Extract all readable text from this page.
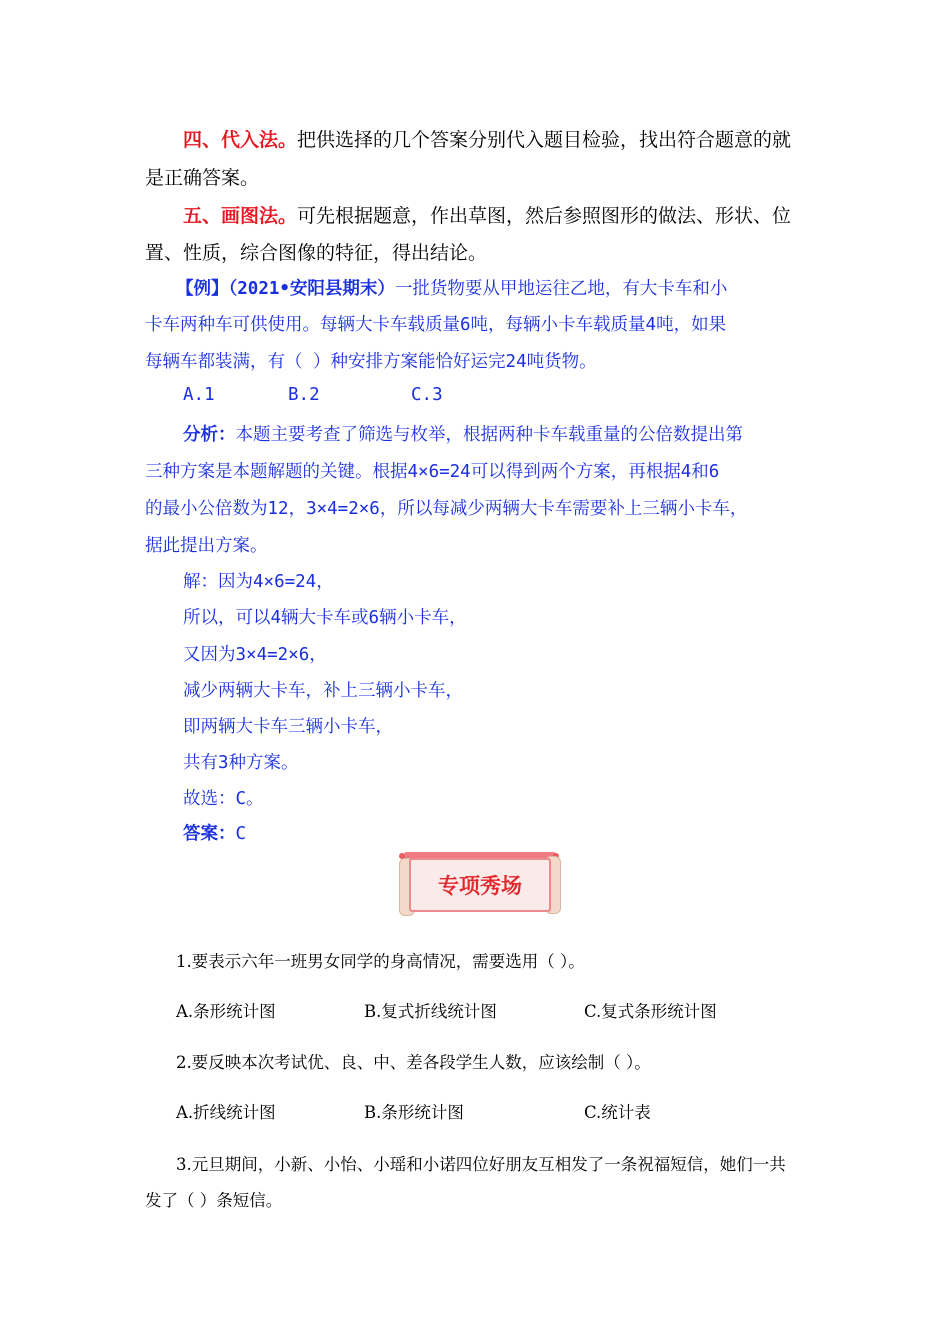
四、代入法。把供选择的几个答案分别代入题目检验，找出符合题意的就
是正确答案。
五、画图法。可先根据题意，作出草图，然后参照图形的做法、形状、位
置、性质，综合图像的特征，得出结论。
【例】（2021•安阳县期末）一批货物要从甲地运往乙地，有大卡车和小
卡车两种车可供使用。每辆大卡车载质量6吨，每辆小卡车载质量4吨，如果
每辆车都装满，有（ ）种安排方案能恰好运完24吨货物。
A.1	B.2	C.3
分析：本题主要考查了筛选与枚举，根据两种卡车载重量的公倍数提出第
三种方案是本题解题的关键。根据4×6=24可以得到两个方案，再根据4和6
的最小公倍数为12，3×4=2×6，所以每减少两辆大卡车需要补上三辆小卡车，
据此提出方案。
解：因为4×6=24，
所以，可以4辆大卡车或6辆小卡车，
又因为3×4=2×6，
减少两辆大卡车，补上三辆小卡车，
即两辆大卡车三辆小卡车，
共有3种方案。
故选：C。
答案：C
专项秀场
1.要表示六年一班男女同学的身高情况，需要选用（ ）。
A.条形统计图	B.复式折线统计图	C.复式条形统计图
2.要反映本次考试优、良、中、差各段学生人数，应该绘制（ ）。
A.折线统计图	B.条形统计图	C.统计表
3.元旦期间，小新、小怡、小瑶和小诺四位好朋友互相发了一条祝福短信，她们一共
发了（ ）条短信。
